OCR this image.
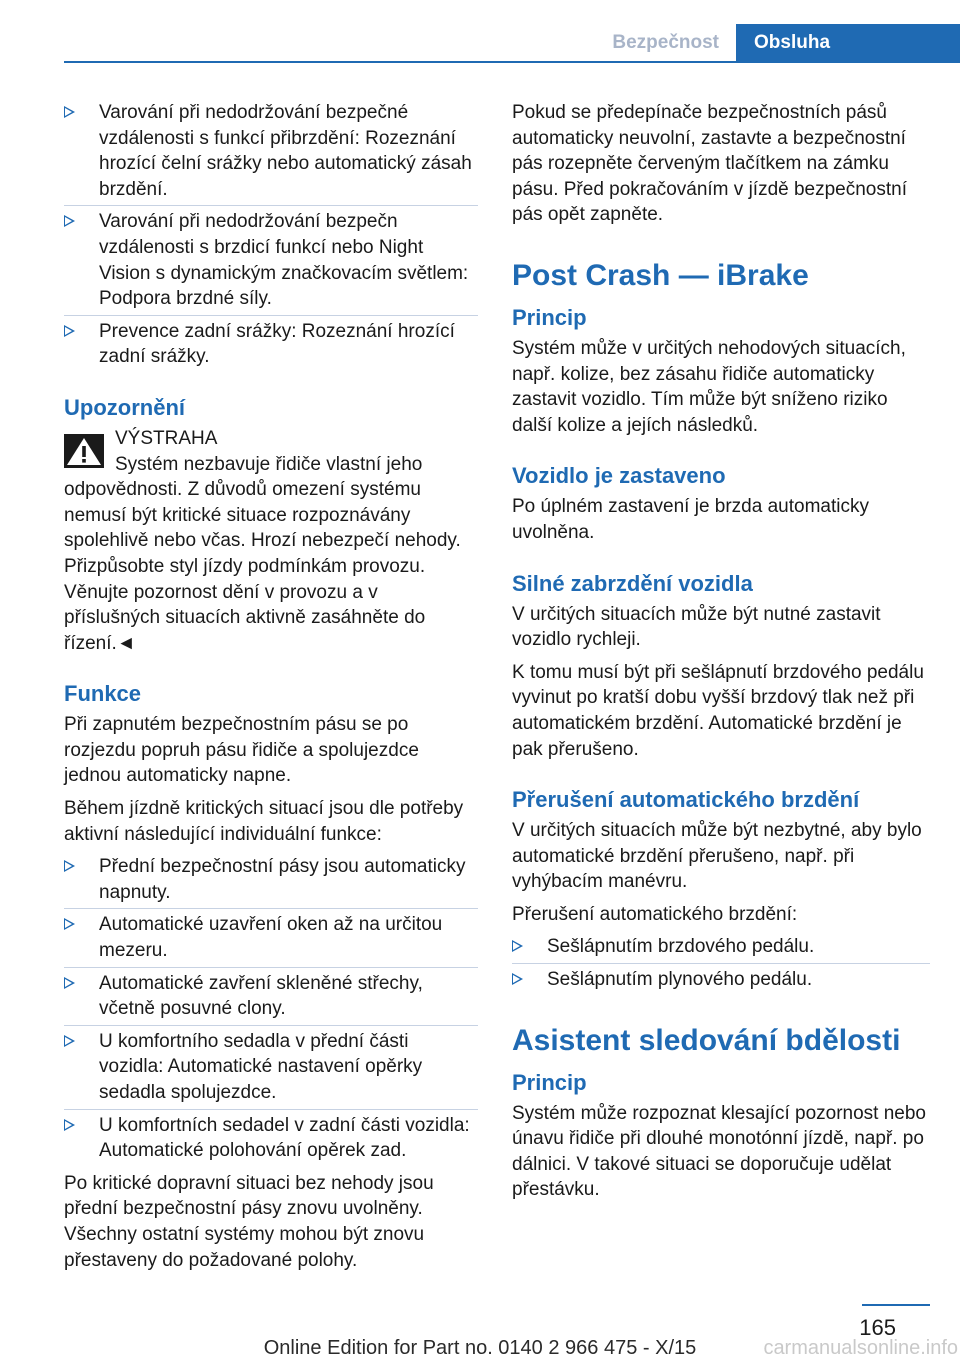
Bezpečnost	Obsluha
Varování při nedodržování bezpečné vzdálenosti s funkcí přibrzdění: Rozeznání hrozící čelní srážky nebo automatický zásah brzdění.
Varování při nedodržování bezpečn vzdálenosti s brzdicí funkcí nebo Night Vision s dynamickým značkovacím světlem: Podpora brzdné síly.
Prevence zadní srážky: Rozeznání hrozící zadní srážky.
Upozornění
VÝSTRAHA
Systém nezbavuje řidiče vlastní jeho odpovědnosti. Z důvodů omezení systému nemusí být kritické situace rozpoznávány spolehlivě nebo včas. Hrozí nebezpečí nehody. Přizpůsobte styl jízdy podmínkám provozu. Věnujte pozornost dění v provozu a v příslušných situacích aktivně zasáhněte do řízení.◄
Funkce

Při zapnutém bezpečnostním pásu se po rozjezdu popruh pásu řidiče a spolujezdce jednou automaticky napne.

Během jízdně kritických situací jsou dle potřeby aktivní následující individuální funkce:

Přední bezpečnostní pásy jsou automaticky napnuty.
Automatické uzavření oken až na určitou mezeru.
Automatické zavření skleněné střechy, včetně posuvné clony.
U komfortního sedadla v přední části vozidla: Automatické nastavení opěrky sedadla spolujezdce.
U komfortních sedadel v zadní části vozidla: Automatické polohování opěrek zad.

Po kritické dopravní situaci bez nehody jsou přední bezpečnostní pásy znovu uvolněny. Všechny ostatní systémy mohou být znovu přestaveny do požadované polohy.

Pokud se předepínače bezpečnostních pásů automaticky neuvolní, zastavte a bezpečnostní pás rozepněte červeným tlačítkem na zámku pásu. Před pokračováním v jízdě bezpečnostní pás opět zapněte.

Post Crash — iBrake
Princip

Systém může v určitých nehodových situacích, např. kolize, bez zásahu řidiče automaticky zastavit vozidlo. Tím může být sníženo riziko další kolize a jejích následků.

Vozidlo je zastaveno

Po úplném zastavení je brzda automaticky uvolněna.

Silné zabrzdění vozidla

V určitých situacích může být nutné zastavit vozidlo rychleji.

K tomu musí být při sešlápnutí brzdového pedálu vyvinut po kratší dobu vyšší brzdový tlak než při automatickém brzdění. Automatické brzdění je pak přerušeno.

Přerušení automatického brzdění

V určitých situacích může být nezbytné, aby bylo automatické brzdění přerušeno, např. při vyhýbacím manévru.

Přerušení automatického brzdění:

Sešlápnutím brzdového pedálu.
Sešlápnutím plynového pedálu.
Asistent sledování bdělosti
Princip

Systém může rozpoznat klesající pozornost nebo únavu řidiče při dlouhé monotónní jízdě, např. po dálnici. V takové situaci se doporučuje udělat přestávku.

165
Online Edition for Part no. 0140 2 966 475 - X/15	carmanualsonline.info
